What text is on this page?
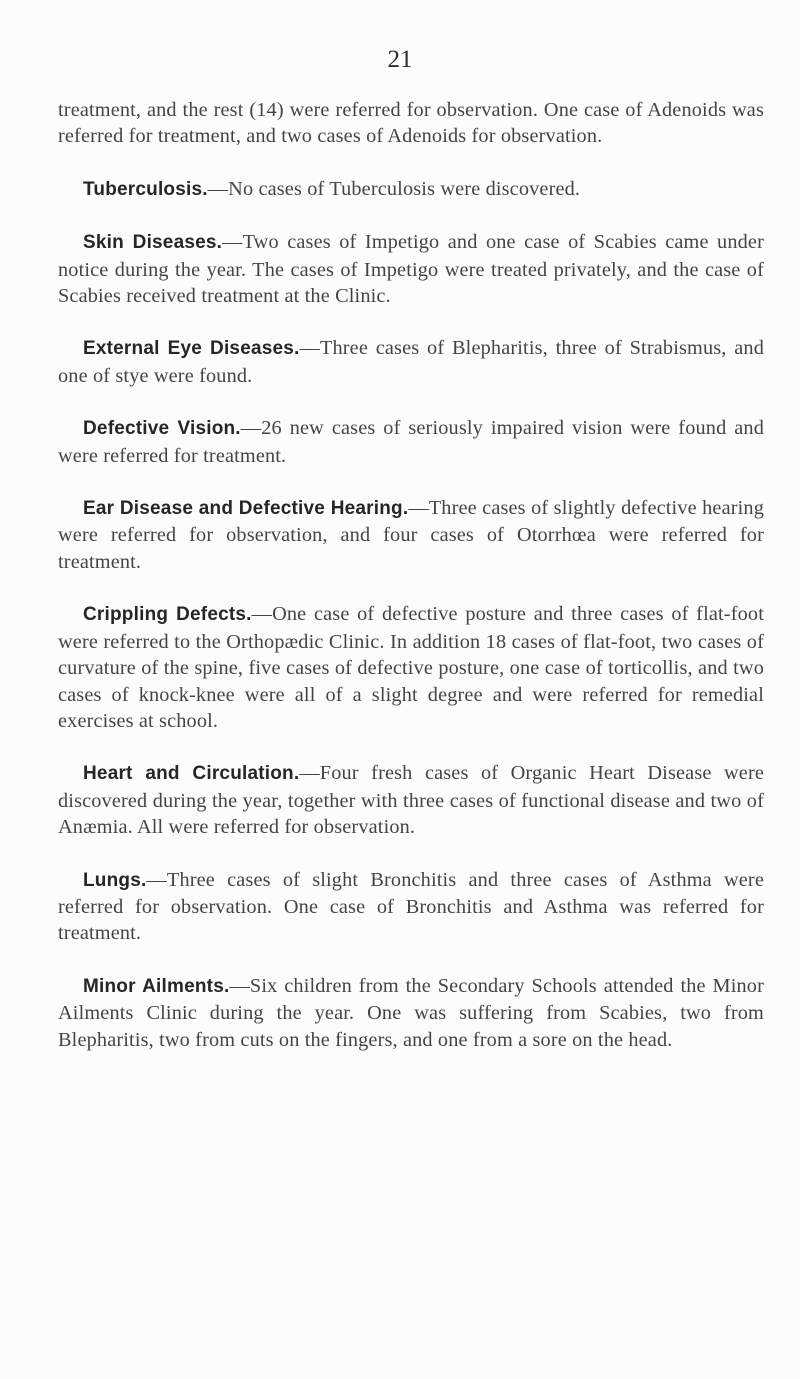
21

treatment, and the rest (14) were referred for observation. One case of Adenoids was referred for treatment, and two cases of Adenoids for observation.

Tuberculosis.—No cases of Tuberculosis were discovered.

Skin Diseases.—Two cases of Impetigo and one case of Scabies came under notice during the year. The cases of Impetigo were treated privately, and the case of Scabies received treatment at the Clinic.

External Eye Diseases.—Three cases of Blepharitis, three of Strabismus, and one of stye were found.

Defective Vision.—26 new cases of seriously impaired vision were found and were referred for treatment.

Ear Disease and Defective Hearing.—Three cases of slightly defective hearing were referred for observation, and four cases of Otorrhœa were referred for treatment.

Crippling Defects.—One case of defective posture and three cases of flat-foot were referred to the Orthopædic Clinic. In addition 18 cases of flat-foot, two cases of curvature of the spine, five cases of defective posture, one case of torticollis, and two cases of knock-knee were all of a slight degree and were referred for remedial exercises at school.

Heart and Circulation.—Four fresh cases of Organic Heart Disease were discovered during the year, together with three cases of functional disease and two of Anæmia. All were referred for observation.

Lungs.—Three cases of slight Bronchitis and three cases of Asthma were referred for observation. One case of Bronchitis and Asthma was referred for treatment.

Minor Ailments.—Six children from the Secondary Schools attended the Minor Ailments Clinic during the year. One was suffering from Scabies, two from Blepharitis, two from cuts on the fingers, and one from a sore on the head.
